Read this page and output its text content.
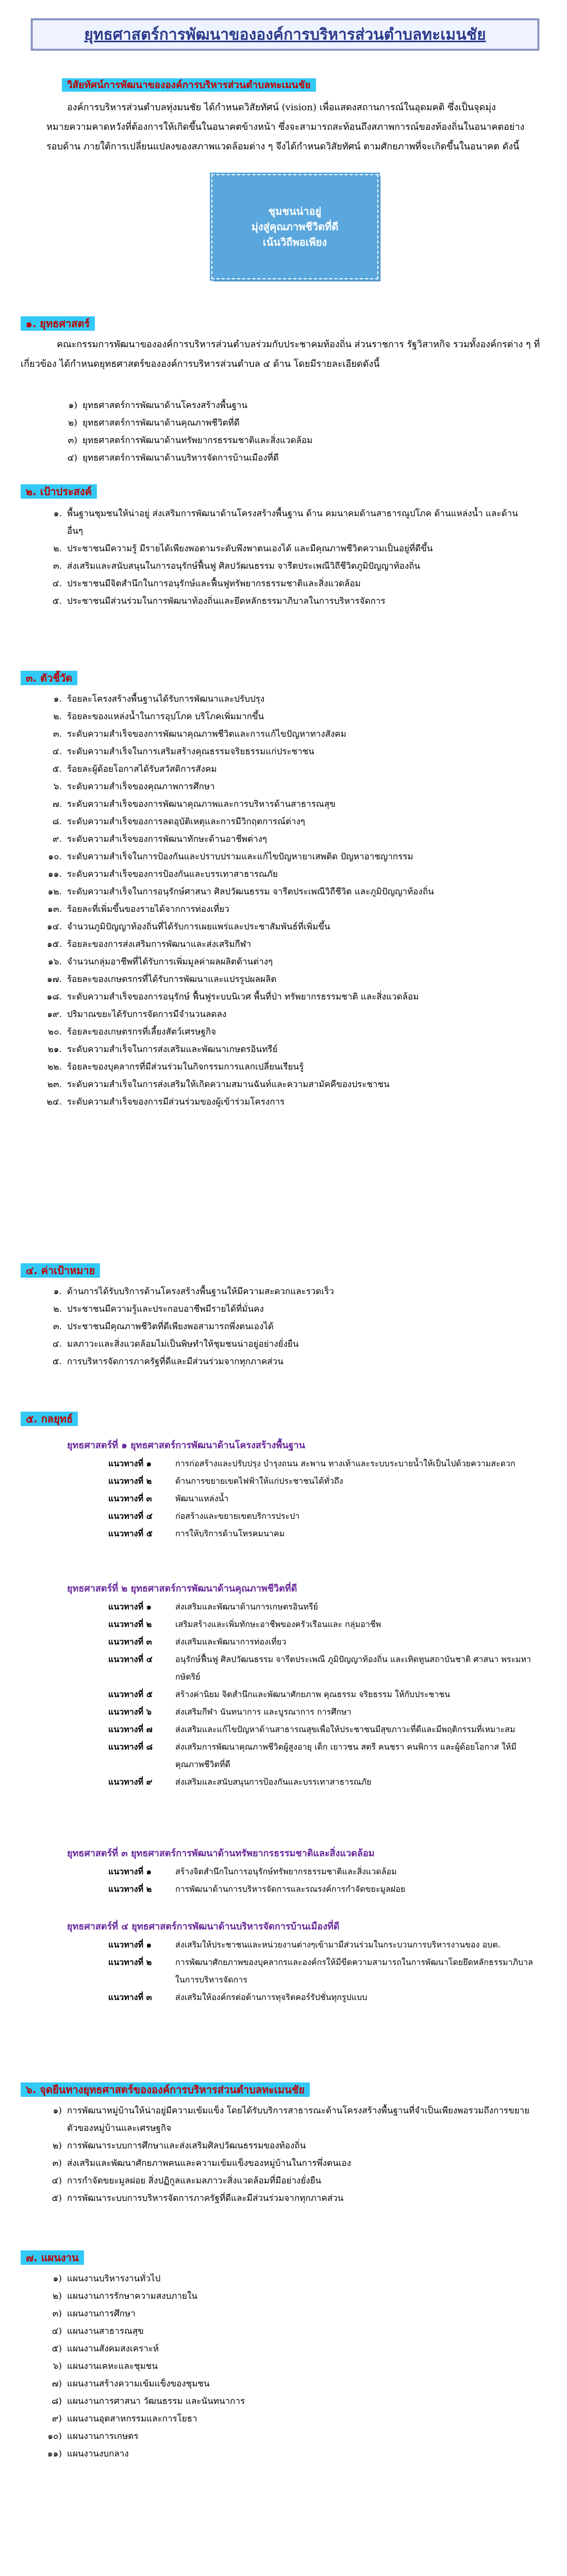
ยุทธศาสตร์การพัฒนาขององค์การบริหารส่วนตำบลทะเมนชัย
วิสัยทัศน์การพัฒนาขององค์การบริหารส่วนตำบลทะเมนชัย
องค์การบริหารส่วนตำบลทุ่งมนชัย ได้กำหนดวิสัยทัศน์ (vision) เพื่อแสดงสถานการณ์ในอุดมคติ ซึ่งเป็นจุดมุ่งหมายความคาดหวังที่ต้องการให้เกิดขึ้นในอนาคตข้างหน้า ซึ่งจะสามารถสะท้อนถึงสภาพการณ์ของท้องถิ่นในอนาคตอย่างรอบด้าน ภายใต้การเปลี่ยนแปลงของสภาพแวดล้อมต่าง ๆ จึงได้กำหนดวิสัยทัศน์ ตามศักยภาพที่จะเกิดขึ้นในอนาคต ดังนี้
ชุมชนน่าอยู่
มุ่งสู่คุณภาพชีวิตที่ดี
เน้นวิถีพอเพียง
๑. ยุทธศาสตร์
คณะกรรมการพัฒนาขององค์การบริหารส่วนตำบลร่วมกับประชาคมท้องถิ่น ส่วนราชการ รัฐวิสาหกิจ รวมทั้งองค์กรต่าง ๆ ที่เกี่ยวข้อง ได้กำหนดยุทธศาสตร์ขององค์การบริหารส่วนตำบล ๔ ด้าน โดยมีรายละเอียดดังนี้
๑) ยุทธศาสตร์การพัฒนาด้านโครงสร้างพื้นฐาน
๒) ยุทธศาสตร์การพัฒนาด้านคุณภาพชีวิตที่ดี
๓) ยุทธศาสตร์การพัฒนาด้านทรัพยากรธรรมชาติและสิ่งแวดล้อม
๔) ยุทธศาสตร์การพัฒนาด้านบริหารจัดการบ้านเมืองที่ดี
๒. เป้าประสงค์
๑. พื้นฐานชุมชนให้น่าอยู่ ส่งเสริมการพัฒนาด้านโครงสร้างพื้นฐาน ด้าน คมนาคมด้านสาธารณูปโภค ด้านแหล่งน้ำ และด้านอื่นๆ
๒. ประชาชนมีความรู้ มีรายได้เพียงพอตามระดับพึงพาตนเองได้ และมีคุณภาพชีวิตความเป็นอยู่ที่ดีขึ้น
๓. ส่งเสริมและสนับสนุนในการอนุรักษ์ฟื้นฟู ศิลปวัฒนธรรม จารีตประเพณีวิถีชีวิตภูมิปัญญาท้องถิ่น
๔. ประชาชนมีจิตสำนึกในการอนุรักษ์และฟื้นฟูทรัพยากรธรรมชาติและสิ่งแวดล้อม
๕. ประชาชนมีส่วนร่วมในการพัฒนาท้องถิ่นและยึดหลักธรรมาภิบาลในการบริหารจัดการ
๓. ตัวชี้วัด
๑. ร้อยละโครงสร้างพื้นฐานได้รับการพัฒนาและปรับปรุง
๒. ร้อยละของแหล่งน้ำในการอุปโภค บริโภคเพิ่มมากขึ้น
๓. ระดับความสำเร็จของการพัฒนาคุณภาพชีวิตและการแก้ไขปัญหาทางสังคม
๔. ระดับความสำเร็จในการเสริมสร้างคุณธรรมจริยธรรมแก่ประชาชน
๕. ร้อยละผู้ด้อยโอกาสได้รับสวัสดิการสังคม
๖. ระดับความสำเร็จของคุณภาพการศึกษา
๗. ระดับความสำเร็จของการพัฒนาคุณภาพและการบริหารด้านสาธารณสุข
๘. ระดับความสำเร็จของการลดอุบัติเหตุและการมีวิกฤตการณ์ต่างๆ
๙. ระดับความสำเร็จของการพัฒนาทักษะด้านอาชีพต่างๆ
๑๐. ระดับความสำเร็จในการป้องกันและปราบปรามและแก้ไขปัญหายาเสพติด ปัญหาอาชญากรรม
๑๑. ระดับความสำเร็จของการป้องกันและบรรเทาสาธารณภัย
๑๒. ระดับความสำเร็จในการอนุรักษ์ศาสนา ศิลปวัฒนธรรม จารีตประเพณีวิถีชีวิต และภูมิปัญญาท้องถิ่น
๑๓. ร้อยละที่เพิ่มขึ้นของรายได้จากการท่องเที่ยว
๑๔. จำนวนภูมิปัญญาท้องถิ่นที่ได้รับการเผยแพร่และประชาสัมพันธ์ที่เพิ่มขึ้น
๑๕. ร้อยละของการส่งเสริมการพัฒนาและส่งเสริมกีฬา
๑๖. จำนวนกลุ่มอาชีพที่ได้รับการเพิ่มมูลค่าผลผลิตด้านต่างๆ
๑๗. ร้อยละของเกษตรกรที่ได้รับการพัฒนาและแปรรูปผลผลิต
๑๘. ระดับความสำเร็จของการอนุรักษ์ ฟื้นฟูระบบนิเวศ พื้นที่ป่า ทรัพยากรธรรมชาติ และสิ่งแวดล้อม
๑๙. ปริมาณขยะได้รับการจัดการมีจำนวนลดลง
๒๐. ร้อยละของเกษตรกรที่เลี้ยงสัตว์เศรษฐกิจ
๒๑. ระดับความสำเร็จในการส่งเสริมและพัฒนาเกษตรอินทรีย์
๒๒. ร้อยละของบุคลากรที่มีส่วนร่วมในกิจกรรมการแลกเปลี่ยนเรียนรู้
๒๓. ระดับความสำเร็จในการส่งเสริมให้เกิดความสมานฉันท์และความสามัคคีของประชาชน
๒๔. ระดับความสำเร็จของการมีส่วนร่วมของผู้เข้าร่วมโครงการ
๔. ค่าเป้าหมาย
๑. ด้านการได้รับบริการด้านโครงสร้างพื้นฐานให้มีความสะดวกและรวดเร็ว
๒. ประชาชนมีความรู้และประกอบอาชีพมีรายได้ที่มั่นคง
๓. ประชาชนมีคุณภาพชีวิตที่ดีเพียงพอสามารถพึ่งตนเองได้
๔. มลภาวะและสิ่งแวดล้อมไม่เป็นพิษทำให้ชุมชนน่าอยู่อย่างยั่งยืน
๕. การบริหารจัดการภาครัฐที่ดีและมีส่วนร่วมจากทุกภาคส่วน
๕. กลยุทธ์
ยุทธศาสตร์ที่ ๑ ยุทธศาสตร์การพัฒนาด้านโครงสร้างพื้นฐาน
แนวทางที่ ๑	การก่อสร้างและปรับปรุง บำรุงถนน สะพาน ทางเท้าและระบบระบายน้ำให้เป็นไปด้วยความสะดวก
แนวทางที่ ๒	ด้านการขยายเขตไฟฟ้าให้แก่ประชาชนได้ทั่วถึง
แนวทางที่ ๓	พัฒนาแหล่งน้ำ
แนวทางที่ ๔	ก่อสร้างและขยายเขตบริการประปา
แนวทางที่ ๕	การให้บริการด้านโทรคมนาคม
ยุทธศาสตร์ที่ ๒ ยุทธศาสตร์การพัฒนาด้านคุณภาพชีวิตที่ดี
แนวทางที่ ๑	ส่งเสริมและพัฒนาด้านการเกษตรอินทรีย์
แนวทางที่ ๒	เสริมสร้างและเพิ่มทักษะอาชีพของครัวเรือนและ กลุ่มอาชีพ
แนวทางที่ ๓	ส่งเสริมและพัฒนาการท่องเที่ยว
แนวทางที่ ๔	อนุรักษ์ฟื้นฟู ศิลปวัฒนธรรม จารีตประเพณี ภูมิปัญญาท้องถิ่น และเทิดทูนสถาบันชาติ ศาสนา พระมหากษัตริย์
แนวทางที่ ๕	สร้างค่านิยม จิตสำนึกและพัฒนาศักยภาพ คุณธรรม จริยธรรม ให้กับประชาชน
แนวทางที่ ๖	ส่งเสริมกีฬา นันทนาการ และบูรณาการ การศึกษา
แนวทางที่ ๗	ส่งเสริมและแก้ไขปัญหาด้านสาธารณสุขเพื่อให้ประชาชนมีสุขภาวะที่ดีและมีพฤติกรรมที่เหมาะสม
แนวทางที่ ๘	ส่งเสริมการพัฒนาคุณภาพชีวิตผู้สูงอายุ เด็ก เยาวชน สตรี คนชรา คนพิการ และผู้ด้อยโอกาส ให้มีคุณภาพชีวิตที่ดี
แนวทางที่ ๙	ส่งเสริมและสนับสนุนการป้องกันและบรรเทาสาธารณภัย
ยุทธศาสตร์ที่ ๓ ยุทธศาสตร์การพัฒนาด้านทรัพยากรธรรมชาติและสิ่งแวดล้อม
แนวทางที่ ๑	สร้างจิตสำนึกในการอนุรักษ์ทรัพยากรธรรมชาติและสิ่งแวดล้อม
แนวทางที่ ๒	การพัฒนาด้านการบริหารจัดการและรณรงค์การกำจัดขยะมูลฝอย
ยุทธศาสตร์ที่ ๔ ยุทธศาสตร์การพัฒนาด้านบริหารจัดการบ้านเมืองที่ดี
แนวทางที่ ๑	ส่งเสริมให้ประชาชนและหน่วยงานต่างๆเข้ามามีส่วนร่วมในกระบวนการบริหารงานของ อบต.
แนวทางที่ ๒	การพัฒนาศักยภาพของบุคลากรและองค์กรให้มีขีดความสามารถในการพัฒนาโดยยึดหลักธรรมาภิบาลในการบริหารจัดการ
แนวทางที่ ๓	ส่งเสริมให้องค์กรต่อต้านการทุจริตคอร์รัปชั่นทุกรูปแบบ
๖. จุดยืนทางยุทธศาสตร์ขององค์การบริหารส่วนตำบลทะเมนชัย
๑) การพัฒนาหมู่บ้านให้น่าอยู่มีความเข้มแข็ง โดยได้รับบริการสาธารณะด้านโครงสร้างพื้นฐานที่จำเป็นเพียงพอรวมถึงการขยายตัวของหมู่บ้านและเศรษฐกิจ
๒) การพัฒนาระบบการศึกษาและส่งเสริมศิลปวัฒนธรรมของท้องถิ่น
๓) ส่งเสริมและพัฒนาศักยภาพคนและความเข้มแข็งของหมู่บ้านในการพึ่งตนเอง
๔) การกำจัดขยะมูลฝอย สิ่งปฏิกูลและมลภาวะสิ่งแวดล้อมที่มีอย่างยั่งยืน
๕) การพัฒนาระบบการบริหารจัดการภาครัฐที่ดีและมีส่วนร่วมจากทุกภาคส่วน
๗. แผนงาน
๑) แผนงานบริหารงานทั่วไป
๒) แผนงานการรักษาความสงบภายใน
๓) แผนงานการศึกษา
๔) แผนงานสาธารณสุข
๕) แผนงานสังคมสงเคราะห์
๖) แผนงานเคหะและชุมชน
๗) แผนงานสร้างความเข้มแข็งของชุมชน
๘) แผนงานการศาสนา วัฒนธรรม และนันทนาการ
๙) แผนงานอุตสาหกรรมและการโยธา
๑๐) แผนงานการเกษตร
๑๑) แผนงานงบกลาง
